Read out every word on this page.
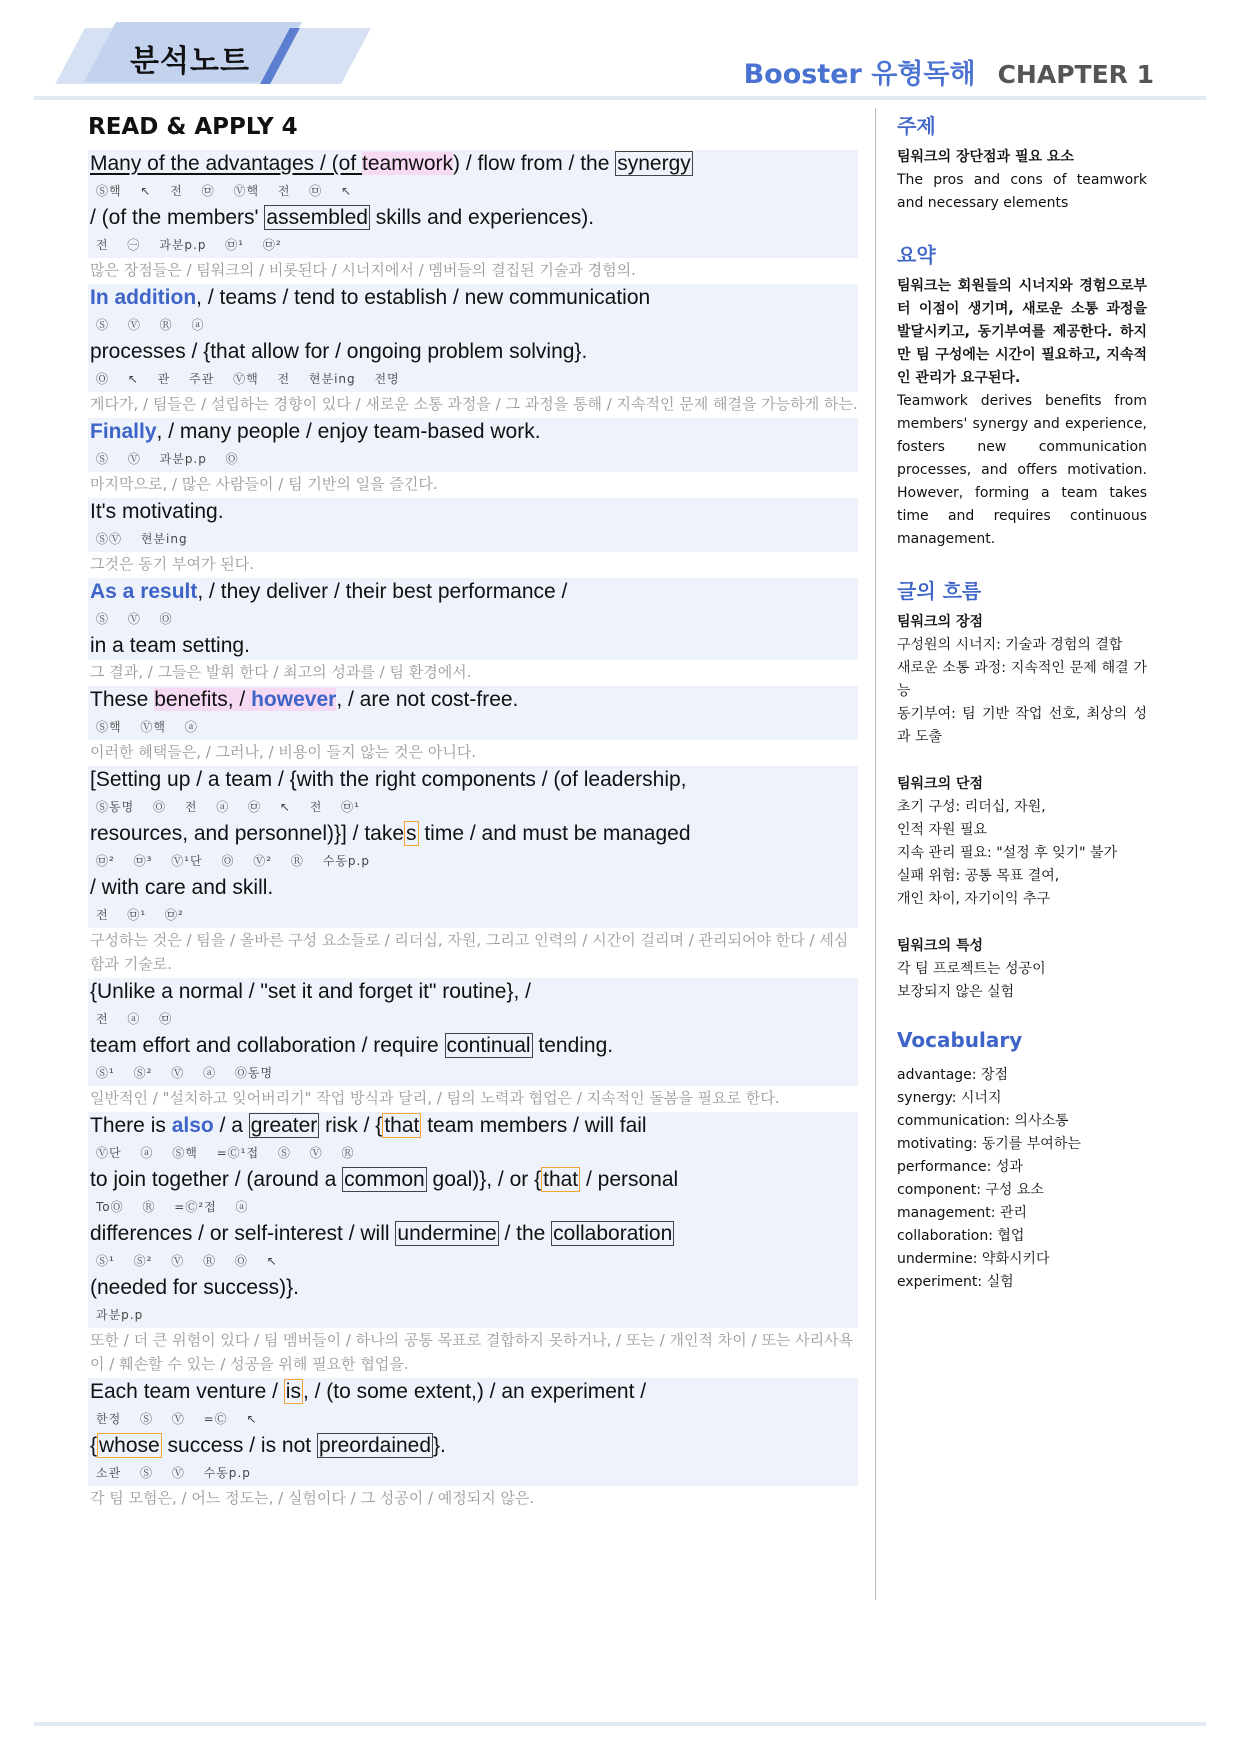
분석노트	Booster 유형독해 CHAPTER 1
READ & APPLY 4
Many of the advantages / (of teamwork) / flow from / the synergy
Ⓢ핵 ↖ 전 ㉤ Ⓥ핵 전 ㉤ ↖
/ (of the members' assembled skills and experiences).
전 ㊀ 과분p.p ㉤¹ ㉤²
많은 장점들은 / 팀워크의 / 비롯된다 / 시너지에서 / 멤버들의 결집된 기술과 경험의.
In addition, / teams / tend to establish / new communication
Ⓢ Ⓥ Ⓡ ⓐ
processes / {that allow for / ongoing problem solving}.
Ⓞ ↖ 관 주관 Ⓥ핵 전 현분ing 전명
게다가, / 팀들은 / 설립하는 경향이 있다 / 새로운 소통 과정을 / 그 과정을 통해 / 지속적인 문제 해결을 가능하게 하는.
Finally, / many people / enjoy team-based work.
Ⓢ Ⓥ 과분p.p Ⓞ
마지막으로, / 많은 사람들이 / 팀 기반의 일을 즐긴다.
It's motivating.
ⓈⓋ 현분ing
그것은 동기 부여가 된다.
As a result, / they deliver / their best performance /
Ⓢ Ⓥ Ⓞ
in a team setting.
그 결과, / 그들은 발휘 한다 / 최고의 성과를 / 팀 환경에서.
These benefits, / however, / are not cost-free.
Ⓢ핵 Ⓥ핵 ⓐ
이러한 혜택들은, / 그러나, / 비용이 들지 않는 것은 아니다.
[Setting up / a team / {with the right components / (of leadership,
Ⓢ동명 Ⓞ 전 ⓐ ㉤ ↖ 전 ㉤¹
resources, and personnel)}] / takes time / and must be managed
㉤² ㉤³ Ⓥ¹단 Ⓞ Ⓥ² Ⓡ 수동p.p
/ with care and skill.
전 ㉤¹ ㉤²
구성하는 것은 / 팀을 / 올바른 구성 요소들로 / 리더십, 자원, 그리고 인력의 / 시간이 걸리며 / 관리되어야 한다 / 세심함과 기술로.
{Unlike a normal / "set it and forget it" routine}, /
전 ⓐ ㉤
team effort and collaboration / require continual tending.
Ⓢ¹ Ⓢ² Ⓥ ⓐ Ⓞ동명
일반적인 / "설치하고 잊어버리기" 작업 방식과 달리, / 팀의 노력과 협업은 / 지속적인 돌봄을 필요로 한다.
There is also / a greater risk / {that team members / will fail
Ⓥ단 ⓐ Ⓢ핵 =Ⓒ¹접 Ⓢ Ⓥ Ⓡ
to join together / (around a common goal)}, / or {that / personal
ToⓄ Ⓡ =Ⓒ²접 ⓐ
differences / or self-interest / will undermine / the collaboration
Ⓢ¹ Ⓢ² Ⓥ Ⓡ Ⓞ ↖
(needed for success)}.
과분p.p
또한 / 더 큰 위험이 있다 / 팀 멤버들이 / 하나의 공통 목표로 결합하지 못하거나, / 또는 / 개인적 차이 / 또는 사리사욕이 / 훼손할 수 있는 / 성공을 위해 필요한 협업을.
Each team venture / is, / (to some extent,) / an experiment /
한정 Ⓢ Ⓥ =Ⓒ ↖
{whose success / is not preordained}.
소관 Ⓢ Ⓥ 수동p.p
각 팀 모험은, / 어느 정도는, / 실험이다 / 그 성공이 / 예정되지 않은.
주제
팀워크의 장단점과 필요 요소
The pros and cons of teamwork and necessary elements
요약
팀워크는 회원들의 시너지와 경험으로부터 이점이 생기며, 새로운 소통 과정을 발달시키고, 동기부여를 제공한다. 하지만 팀 구성에는 시간이 필요하고, 지속적인 관리가 요구된다.
Teamwork derives benefits from members' synergy and experience, fosters new communication processes, and offers motivation. However, forming a team takes time and requires continuous management.
글의 흐름
팀워크의 장점
구성원의 시너지: 기술과 경험의 결합
새로운 소통 과정: 지속적인 문제 해결 가능
동기부여: 팀 기반 작업 선호, 최상의 성과 도출
팀워크의 단점
초기 구성: 리더십, 자원,
인적 자원 필요
지속 관리 필요: "설정 후 잊기" 불가
실패 위험: 공통 목표 결여,
개인 차이, 자기이익 추구
팀워크의 특성
각 팀 프로젝트는 성공이
보장되지 않은 실험
Vocabulary
advantage: 장점
synergy: 시너지
communication: 의사소통
motivating: 동기를 부여하는
performance: 성과
component: 구성 요소
management: 관리
collaboration: 협업
undermine: 약화시키다
experiment: 실험
